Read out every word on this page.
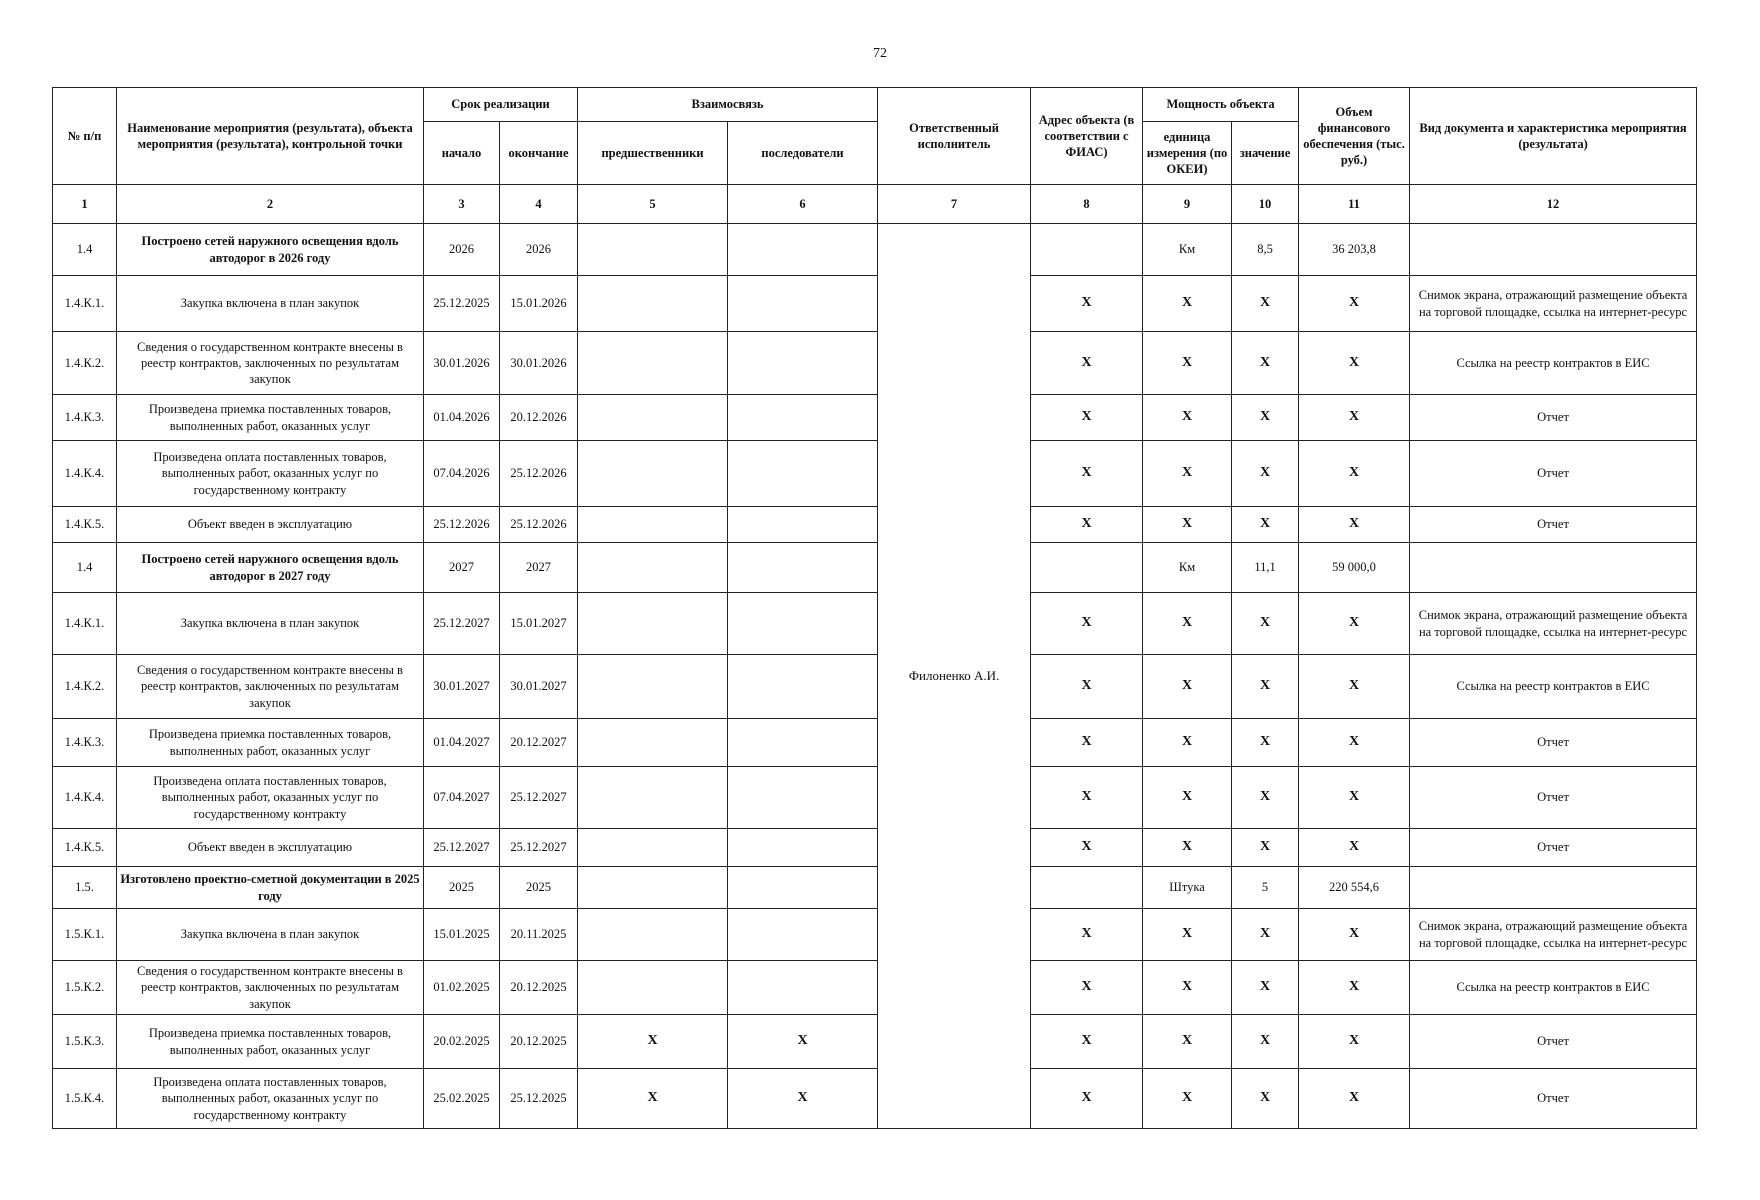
72
№ п/п	Наименование мероприятия (результата), объекта мероприятия (результата), контрольной точки	Срок реализации		Взаимосвязь		Ответственный исполнитель	Адрес объекта (в соответствии с ФИАС)	Мощность объекта		Объем финансового обеспечения (тыс. руб.)	Вид документа и характеристика мероприятия (результата)
		начало	окончание	предшественники	последователи			единица измерения (по ОКЕИ)	значение		
1	2	3	4	5	6	7	8	9	10	11	12
1.4	Построено сетей наружного освещения вдоль автодорог в 2026 году	2026	2026			Филоненко А.И.		Км	8,5	36 203,8	
1.4.К.1.	Закупка включена в план закупок	25.12.2025	15.01.2026				X	X	X	X	Снимок экрана, отражающий размещение объекта на торговой площадке, ссылка на интернет-ресурс
1.4.К.2.	Сведения о государственном контракте внесены в реестр контрактов, заключенных по результатам закупок	30.01.2026	30.01.2026				X	X	X	X	Ссылка на реестр контрактов в ЕИС
1.4.К.3.	Произведена приемка поставленных товаров, выполненных работ, оказанных услуг	01.04.2026	20.12.2026				X	X	X	X	Отчет
1.4.К.4.	Произведена оплата поставленных товаров, выполненных работ, оказанных услуг по государственному контракту	07.04.2026	25.12.2026				X	X	X	X	Отчет
1.4.К.5.	Объект введен в эксплуатацию	25.12.2026	25.12.2026				X	X	X	X	Отчет
1.4	Построено сетей наружного освещения вдоль автодорог в 2027 году	2027	2027					Км	11,1	59 000,0	
1.4.К.1.	Закупка включена в план закупок	25.12.2027	15.01.2027				X	X	X	X	Снимок экрана, отражающий размещение объекта на торговой площадке, ссылка на интернет-ресурс
1.4.К.2.	Сведения о государственном контракте внесены в реестр контрактов, заключенных по результатам закупок	30.01.2027	30.01.2027				X	X	X	X	Ссылка на реестр контрактов в ЕИС
1.4.К.3.	Произведена приемка поставленных товаров, выполненных работ, оказанных услуг	01.04.2027	20.12.2027				X	X	X	X	Отчет
1.4.К.4.	Произведена оплата поставленных товаров, выполненных работ, оказанных услуг по государственному контракту	07.04.2027	25.12.2027				X	X	X	X	Отчет
1.4.К.5.	Объект введен в эксплуатацию	25.12.2027	25.12.2027				X	X	X	X	Отчет
1.5.	Изготовлено проектно-сметной документации в 2025 году	2025	2025					Штука	5	220 554,6	
1.5.К.1.	Закупка включена в план закупок	15.01.2025	20.11.2025				X	X	X	X	Снимок экрана, отражающий размещение объекта на торговой площадке, ссылка на интернет-ресурс
1.5.К.2.	Сведения о государственном контракте внесены в реестр контрактов, заключенных по результатам закупок	01.02.2025	20.12.2025				X	X	X	X	Ссылка на реестр контрактов в ЕИС
1.5.К.3.	Произведена приемка поставленных товаров, выполненных работ, оказанных услуг	20.02.2025	20.12.2025	X	X		X	X	X	X	Отчет
1.5.К.4.	Произведена оплата поставленных товаров, выполненных работ, оказанных услуг по государственному контракту	25.02.2025	25.12.2025	X	X		X	X	X	X	Отчет
